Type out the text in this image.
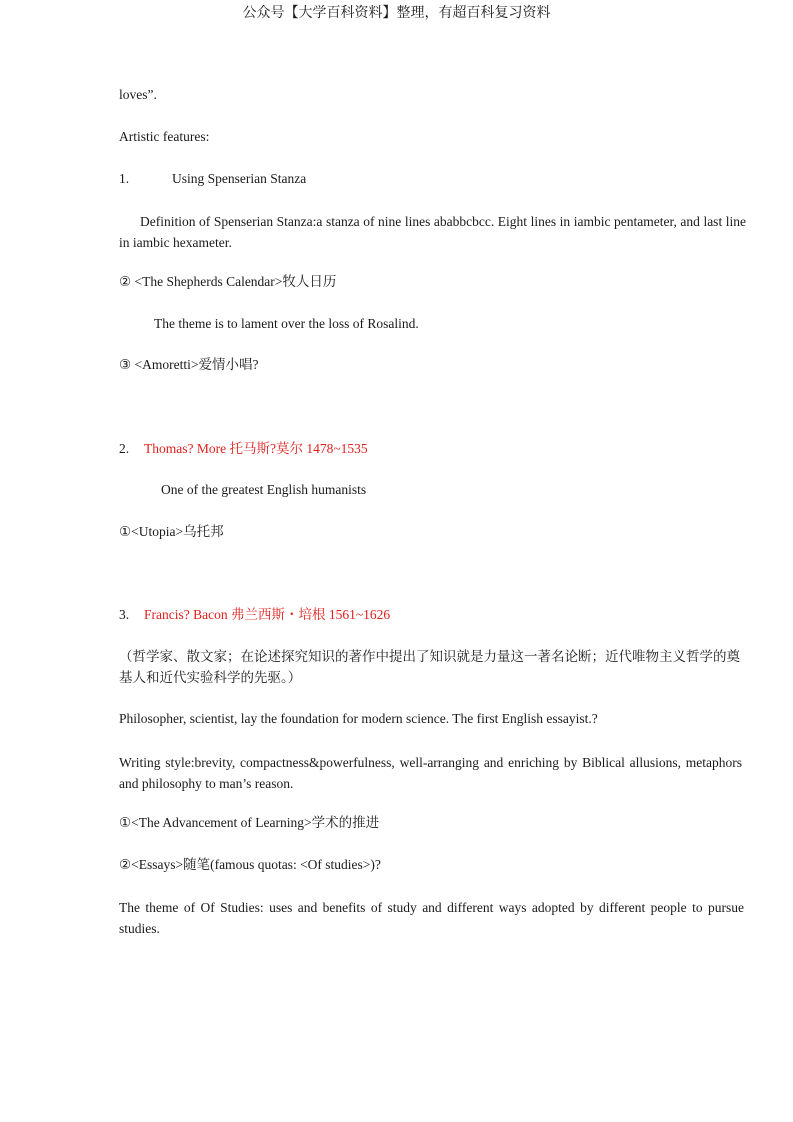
公众号【大学百科资料】整理，有超百科复习资料
loves”.
Artistic features:
1.	Using Spenserian Stanza
Definition of Spenserian Stanza:a stanza of nine lines ababbcbcc. Eight lines in iambic pentameter, and last line in iambic hexameter.
② <The Shepherds Calendar>牧人日历
The theme is to lament over the loss of Rosalind.
③ <Amoretti>爱情小唱?
2. Thomas? More 托马斯?莫尔 1478~1535
One of the greatest English humanists
①<Utopia>乌托邦
3. Francis? Bacon 弗兰西斯・培根 1561~1626
（哲学家、散文家；在论述探究知识的著作中提出了知识就是力量这一著名论断；近代唯物主义哲学的奠基人和近代实验科学的先驱。）
Philosopher, scientist, lay the foundation for modern science. The first English essayist.?
Writing style:brevity, compactness&powerfulness, well-arranging and enriching by Biblical allusions, metaphors and philosophy to man’s reason.
①<The Advancement of Learning>学术的推进
②<Essays>随笔(famous quotas: <Of studies>)?
The theme of Of Studies: uses and benefits of study and different ways adopted by different people to pursue studies.
